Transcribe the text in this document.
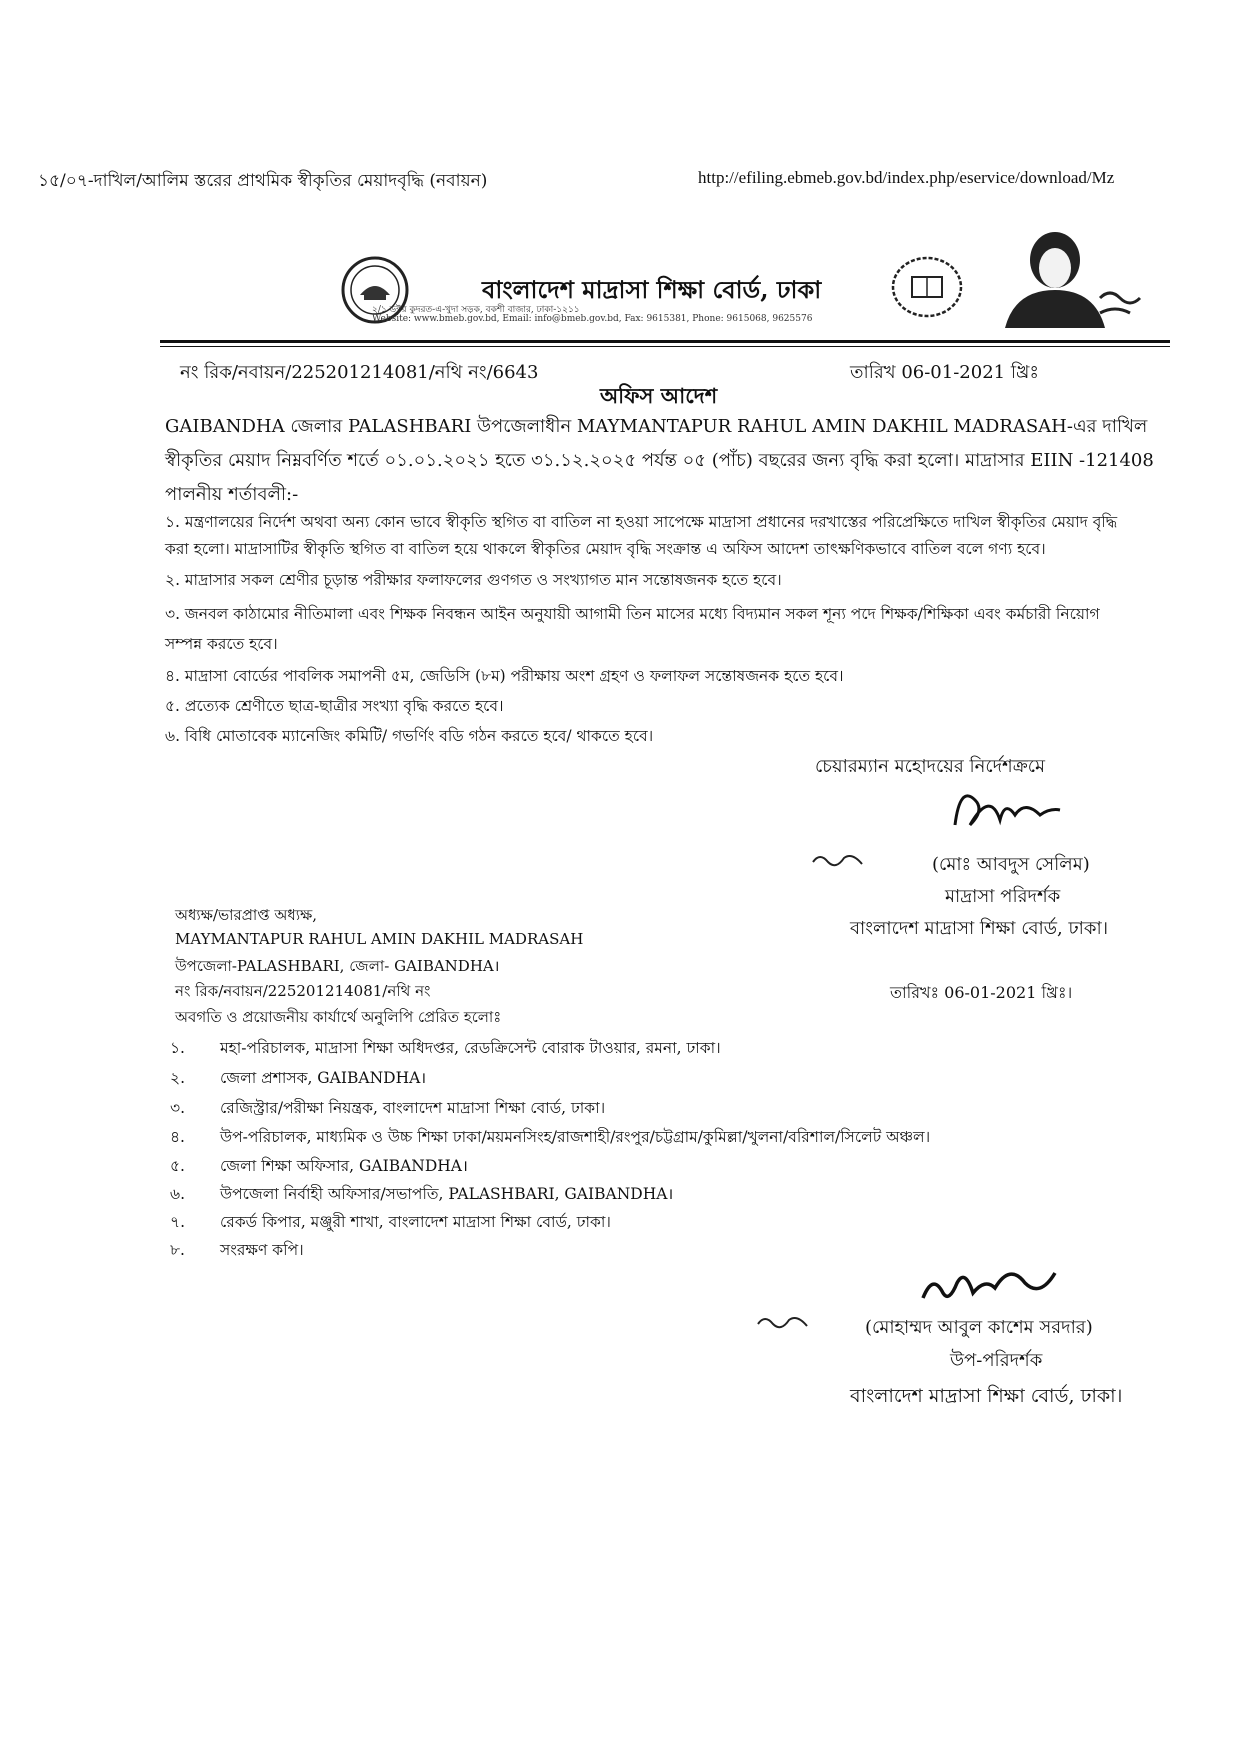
১৫/০৭-দাখিল/আলিম স্তরের প্রাথমিক স্বীকৃতির মেয়াদবৃদ্ধি (নবায়ন)	http://efiling.ebmeb.gov.bd/index.php/eservice/download/Mz
বাংলাদেশ মাদ্রাসা শিক্ষা বোর্ড, ঢাকা
২/১ ডক্টর কুদরত-এ-খুদা সড়ক, বকশী বাজার, ঢাকা-১২১১
Website: www.bmeb.gov.bd, Email: info@bmeb.gov.bd, Fax: 9615381, Phone: 9615068, 9625576
নং রিক/নবায়ন/225201214081/নথি নং/6643	তারিখ 06-01-2021 খ্রিঃ
অফিস আদেশ
GAIBANDHA জেলার PALASHBARI উপজেলাধীন MAYMANTAPUR RAHUL AMIN DAKHIL MADRASAH-এর দাখিল
স্বীকৃতির মেয়াদ নিম্নবর্ণিত শর্তে ০১.০১.২০২১ হতে ৩১.১২.২০২৫ পর্যন্ত ০৫ (পাঁচ) বছরের জন্য বৃদ্ধি করা হলো। মাদ্রাসার EIIN -121408
পালনীয় শর্তাবলী:-
১. মন্ত্রণালয়ের নির্দেশ অথবা অন্য কোন ভাবে স্বীকৃতি স্থগিত বা বাতিল না হওয়া সাপেক্ষে মাদ্রাসা প্রধানের দরখাস্তের পরিপ্রেক্ষিতে দাখিল স্বীকৃতির মেয়াদ বৃদ্ধি
করা হলো। মাদ্রাসাটির স্বীকৃতি স্থগিত বা বাতিল হয়ে থাকলে স্বীকৃতির মেয়াদ বৃদ্ধি সংক্রান্ত এ অফিস আদেশ তাৎক্ষণিকভাবে বাতিল বলে গণ্য হবে।
২. মাদ্রাসার সকল শ্রেণীর চূড়ান্ত পরীক্ষার ফলাফলের গুণগত ও সংখ্যাগত মান সন্তোষজনক হতে হবে।
৩. জনবল কাঠামোর নীতিমালা এবং শিক্ষক নিবন্ধন আইন অনুযায়ী আগামী তিন মাসের মধ্যে বিদ্যমান সকল শূন্য পদে শিক্ষক/শিক্ষিকা এবং কর্মচারী নিয়োগ
সম্পন্ন করতে হবে।
৪. মাদ্রাসা বোর্ডের পাবলিক সমাপনী ৫ম, জেডিসি (৮ম) পরীক্ষায় অংশ গ্রহণ ও ফলাফল সন্তোষজনক হতে হবে।
৫. প্রত্যেক শ্রেণীতে ছাত্র-ছাত্রীর সংখ্যা বৃদ্ধি করতে হবে।
৬. বিধি মোতাবেক ম্যানেজিং কমিটি/ গভর্ণিং বডি গঠন করতে হবে/ থাকতে হবে।
চেয়ারম্যান মহোদয়ের নির্দেশক্রমে
(মোঃ আবদুস সেলিম)
মাদ্রাসা পরিদর্শক
বাংলাদেশ মাদ্রাসা শিক্ষা বোর্ড, ঢাকা।
অধ্যক্ষ/ভারপ্রাপ্ত অধ্যক্ষ,
MAYMANTAPUR RAHUL AMIN DAKHIL MADRASAH
উপজেলা-PALASHBARI, জেলা- GAIBANDHA।
নং রিক/নবায়ন/225201214081/নথি নং	তারিখঃ 06-01-2021 খ্রিঃ।
অবগতি ও প্রয়োজনীয় কার্যার্থে অনুলিপি প্রেরিত হলোঃ
১. মহা-পরিচালক, মাদ্রাসা শিক্ষা অধিদপ্তর, রেডক্রিসেন্ট বোরাক টাওয়ার, রমনা, ঢাকা।
২. জেলা প্রশাসক, GAIBANDHA।
৩. রেজিস্ট্রার/পরীক্ষা নিয়ন্ত্রক, বাংলাদেশ মাদ্রাসা শিক্ষা বোর্ড, ঢাকা।
৪. উপ-পরিচালক, মাধ্যমিক ও উচ্চ শিক্ষা ঢাকা/ময়মনসিংহ/রাজশাহী/রংপুর/চট্টগ্রাম/কুমিল্লা/খুলনা/বরিশাল/সিলেট অঞ্চল।
৫. জেলা শিক্ষা অফিসার, GAIBANDHA।
৬. উপজেলা নির্বাহী অফিসার/সভাপতি, PALASHBARI, GAIBANDHA।
৭. রেকর্ড কিপার, মঞ্জুরী শাখা, বাংলাদেশ মাদ্রাসা শিক্ষা বোর্ড, ঢাকা।
৮. সংরক্ষণ কপি।
(মোহাম্মদ আবুল কাশেম সরদার)
উপ-পরিদর্শক
বাংলাদেশ মাদ্রাসা শিক্ষা বোর্ড, ঢাকা।
